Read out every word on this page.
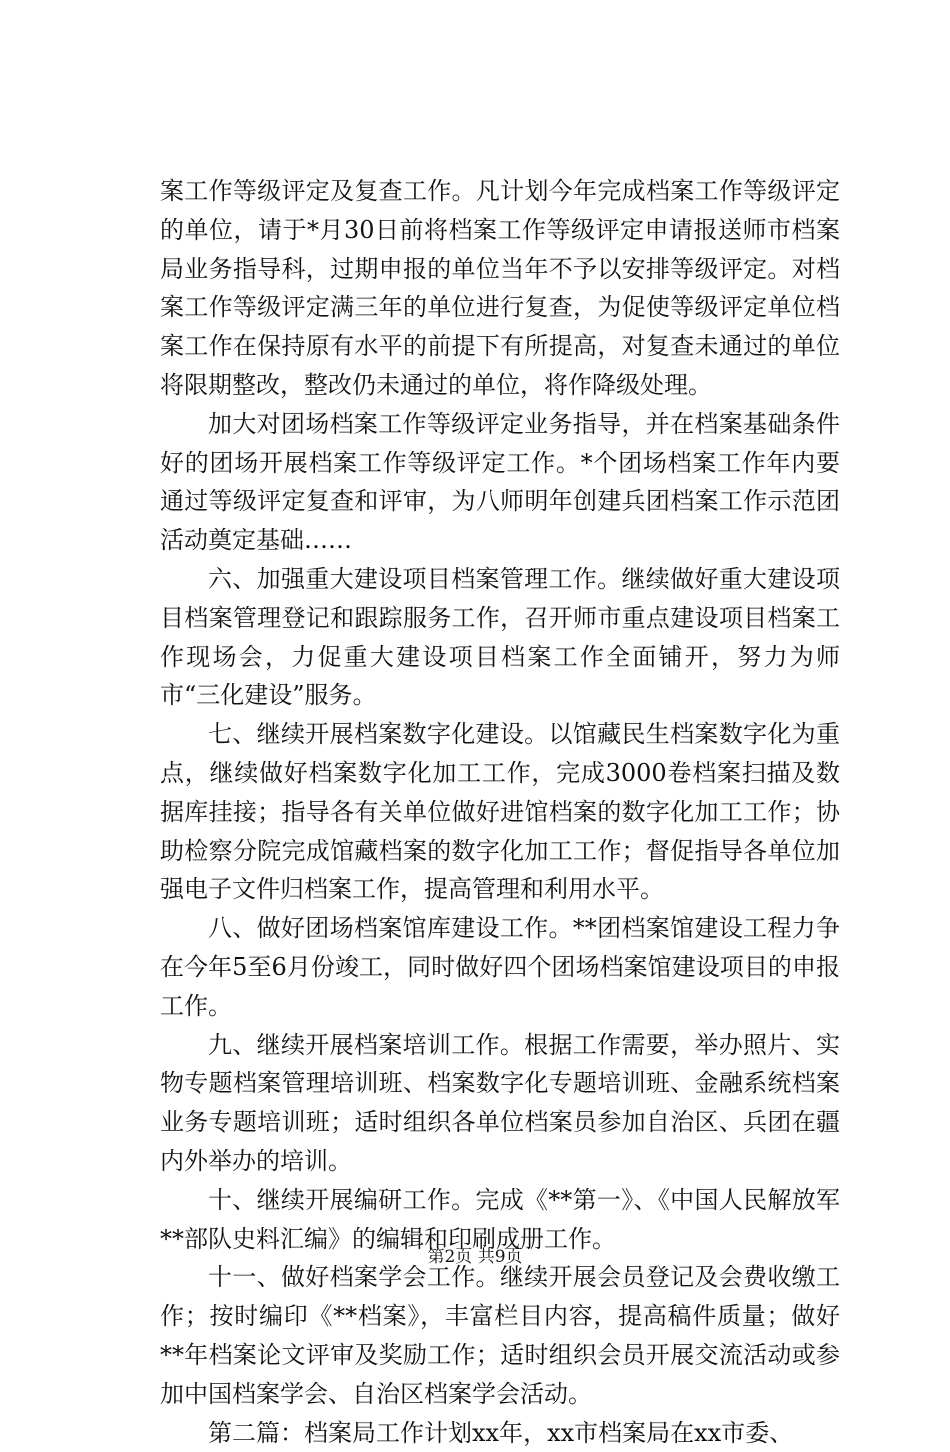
案工作等级评定及复查工作。凡计划今年完成档案工作等级评定的单位，请于*月30日前将档案工作等级评定申请报送师市档案局业务指导科，过期申报的单位当年不予以安排等级评定。对档案工作等级评定满三年的单位进行复查，为促使等级评定单位档案工作在保持原有水平的前提下有所提高，对复查未通过的单位将限期整改，整改仍未通过的单位，将作降级处理。

加大对团场档案工作等级评定业务指导，并在档案基础条件好的团场开展档案工作等级评定工作。*个团场档案工作年内要通过等级评定复查和评审，为八师明年创建兵团档案工作示范团活动奠定基础……

六、加强重大建设项目档案管理工作。继续做好重大建设项目档案管理登记和跟踪服务工作，召开师市重点建设项目档案工作现场会，力促重大建设项目档案工作全面铺开，努力为师市“三化建设”服务。

七、继续开展档案数字化建设。以馆藏民生档案数字化为重点，继续做好档案数字化加工工作，完成3000卷档案扫描及数据库挂接；指导各有关单位做好进馆档案的数字化加工工作；协助检察分院完成馆藏档案的数字化加工工作；督促指导各单位加强电子文件归档案工作，提高管理和利用水平。

八、做好团场档案馆库建设工作。**团档案馆建设工程力争在今年5至6月份竣工，同时做好四个团场档案馆建设项目的申报工作。

九、继续开展档案培训工作。根据工作需要，举办照片、实物专题档案管理培训班、档案数字化专题培训班、金融系统档案业务专题培训班；适时组织各单位档案员参加自治区、兵团在疆内外举办的培训。

十、继续开展编研工作。完成《**第一》、《中国人民解放军**部队史料汇编》的编辑和印刷成册工作。

十一、做好档案学会工作。继续开展会员登记及会费收缴工作；按时编印《**档案》，丰富栏目内容，提高稿件质量；做好**年档案论文评审及奖励工作；适时组织会员开展交流活动或参加中国档案学会、自治区档案学会活动。

第二篇：档案局工作计划xx年，xx市档案局在xx市委、

第2页 共9页
